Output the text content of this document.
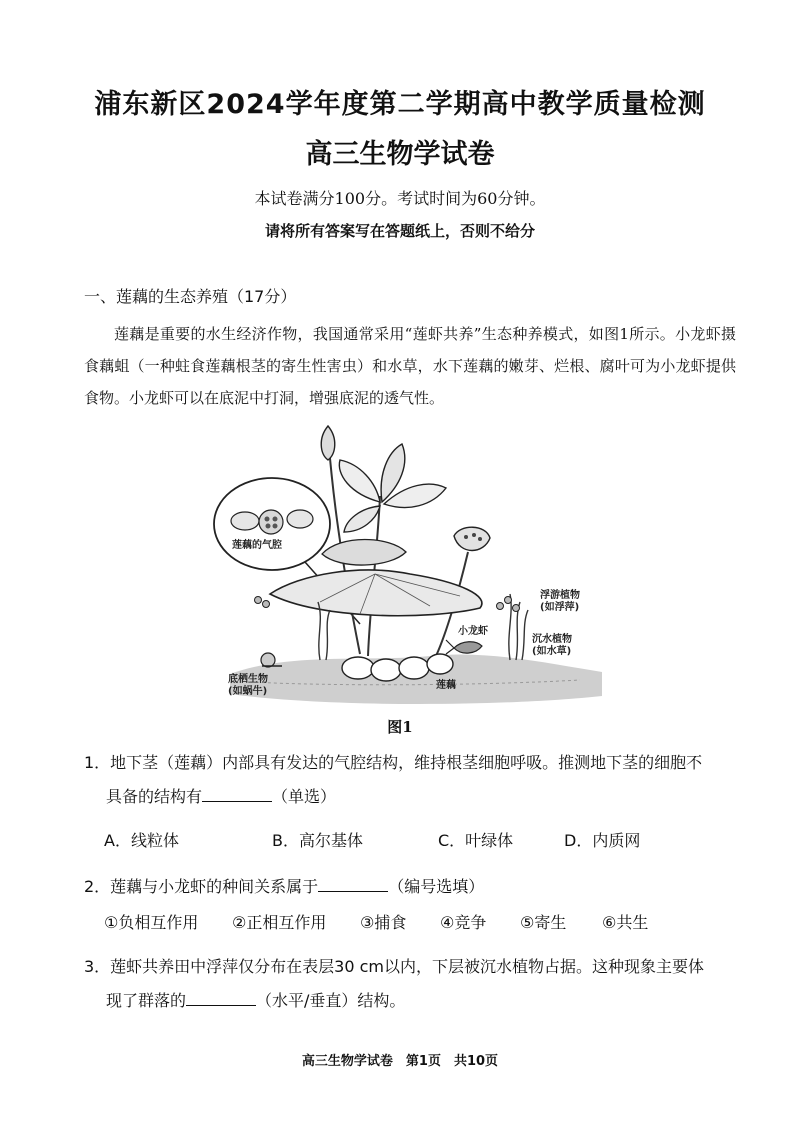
浦东新区2024学年度第二学期高中教学质量检测
高三生物学试卷
本试卷满分100分。考试时间为60分钟。
请将所有答案写在答题纸上，否则不给分
一、莲藕的生态养殖（17分）
莲藕是重要的水生经济作物，我国通常采用“莲虾共养”生态种养模式，如图1所示。小龙虾摄食藕蛆（一种蛀食莲藕根茎的寄生性害虫）和水草，水下莲藕的嫩芽、烂根、腐叶可为小龙虾提供食物。小龙虾可以在底泥中打洞，增强底泥的透气性。
莲藕的气腔
浮游植物
(如浮萍)
小龙虾
沉水植物
(如水草)
底栖生物
(如蜗牛)
莲藕
图1
1．地下茎（莲藕）内部具有发达的气腔结构，维持根茎细胞呼吸。推测地下茎的细胞不
具备的结构有	（单选）
A．线粒体	B．高尔基体	C．叶绿体	D．内质网
2．莲藕与小龙虾的种间关系属于	（编号选填）
①负相互作用 ②正相互作用 ③捕食 ④竞争 ⑤寄生 ⑥共生
3．莲虾共养田中浮萍仅分布在表层30 cm以内，下层被沉水植物占据。这种现象主要体
现了群落的	（水平/垂直）结构。
高三生物学试卷　第1页　共10页
